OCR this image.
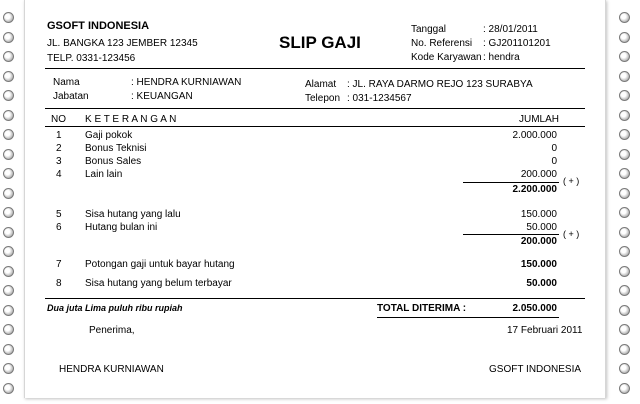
GSOFT INDONESIA
JL. BANGKA 123 JEMBER 12345
TELP. 0331-123456
SLIP GAJI
Tanggal	: 28/01/2011
No. Referensi : GJ201101201
Kode Karyawan : hendra
Nama	: HENDRA KURNIAWAN
Jabatan	: KEUANGAN
Alamat : JL. RAYA DARMO REJO 123 SURABYA
Telepon : 031-1234567
NO K E T E R A N G A N	JUMLAH
1 Gaji pokok	2.000.000
2 Bonus Teknisi	0
3 Bonus Sales	0
4 Lain lain	200.000
2.200.000
( + )
5 Sisa hutang yang lalu	150.000
6 Hutang bulan ini	50.000
200.000
( + )
7 Potongan gaji untuk bayar hutang	150.000
8 Sisa hutang yang belum terbayar	50.000
Dua juta Lima puluh ribu rupiah	TOTAL DITERIMA :	2.050.000
Penerima,	17 Februari 2011
HENDRA KURNIAWAN	GSOFT INDONESIA
